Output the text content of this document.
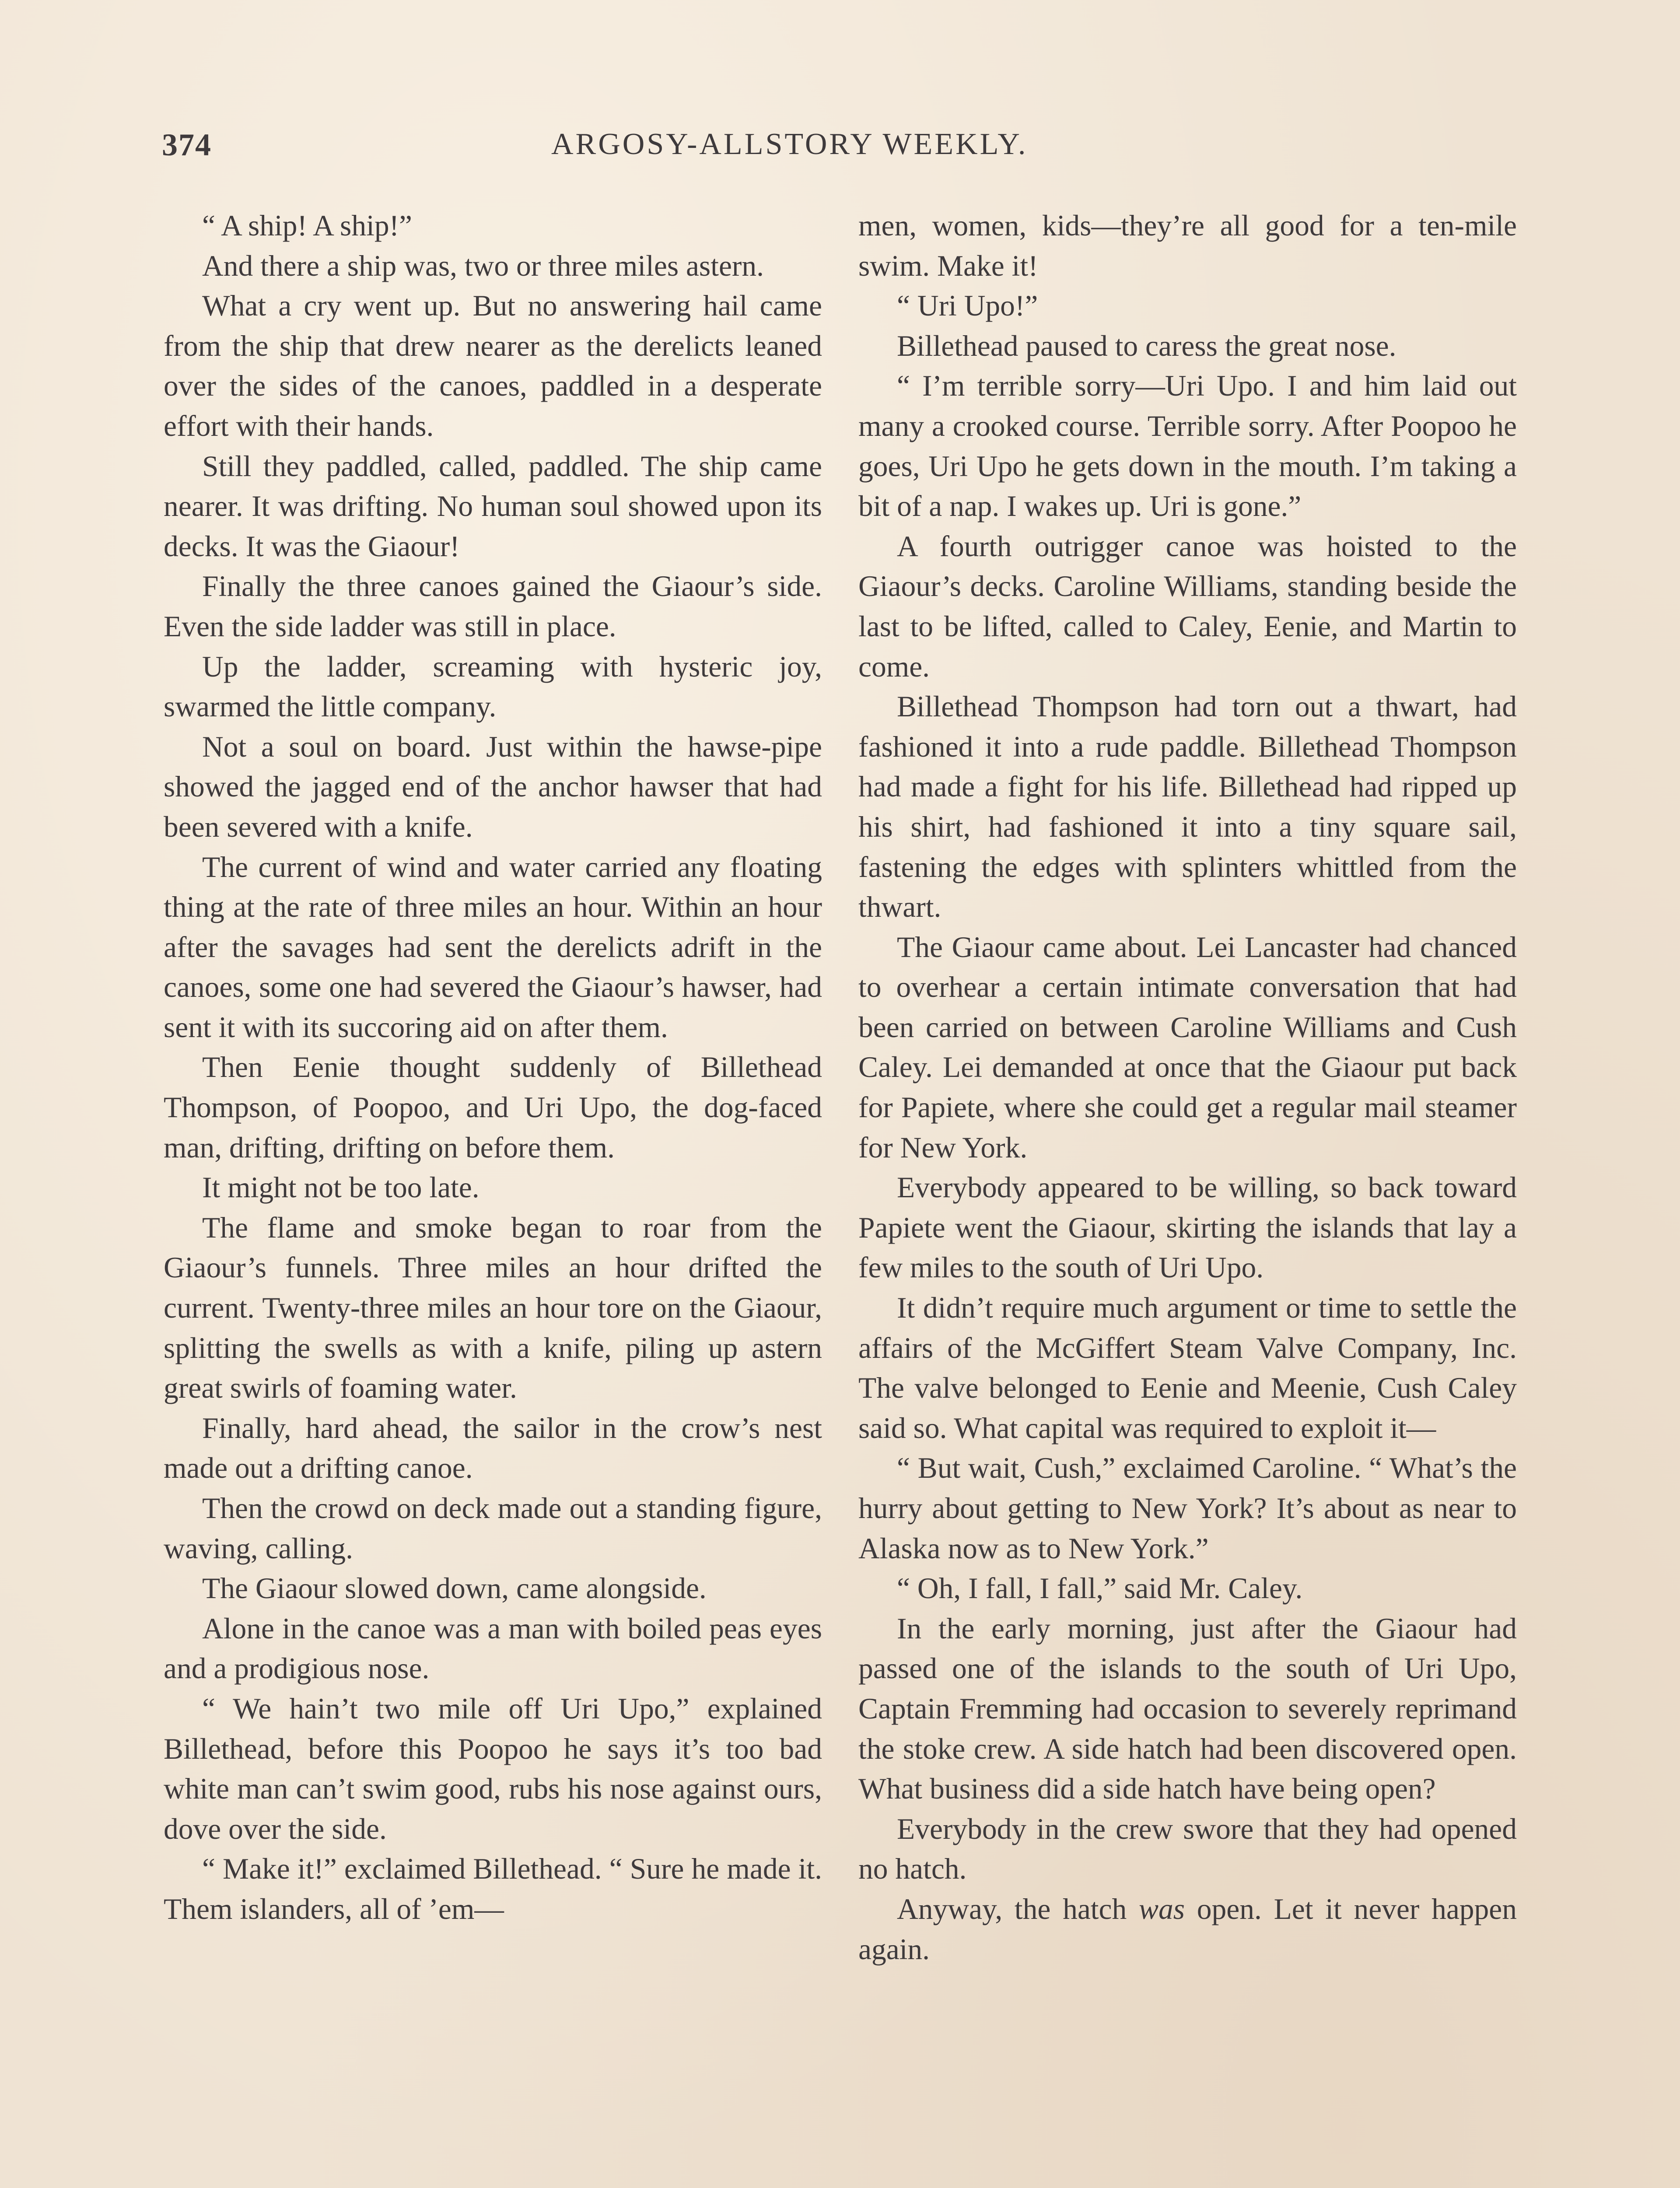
374	ARGOSY-ALLSTORY WEEKLY.

“ A ship! A ship!”

And there a ship was, two or three miles astern.

What a cry went up. But no answering hail came from the ship that drew nearer as the derelicts leaned over the sides of the canoes, paddled in a desperate effort with their hands.

Still they paddled, called, paddled. The ship came nearer. It was drifting. No human soul showed upon its decks. It was the Giaour!

Finally the three canoes gained the Giaour’s side. Even the side ladder was still in place.

Up the ladder, screaming with hysteric joy, swarmed the little company.

Not a soul on board. Just within the hawse-pipe showed the jagged end of the anchor hawser that had been severed with a knife.

The current of wind and water carried any floating thing at the rate of three miles an hour. Within an hour after the savages had sent the derelicts adrift in the canoes, some one had severed the Giaour’s hawser, had sent it with its succoring aid on after them.

Then Eenie thought suddenly of Billethead Thompson, of Poopoo, and Uri Upo, the dog-faced man, drifting, drifting on before them.

It might not be too late.

The flame and smoke began to roar from the Giaour’s funnels. Three miles an hour drifted the current. Twenty-three miles an hour tore on the Giaour, splitting the swells as with a knife, piling up astern great swirls of foaming water.

Finally, hard ahead, the sailor in the crow’s nest made out a drifting canoe.

Then the crowd on deck made out a standing figure, waving, calling.

The Giaour slowed down, came alongside.

Alone in the canoe was a man with boiled peas eyes and a prodigious nose.

“ We hain’t two mile off Uri Upo,” explained Billethead, before this Poopoo he says it’s too bad white man can’t swim good, rubs his nose against ours, dove over the side.

“ Make it!” exclaimed Billethead. “ Sure he made it. Them islanders, all of ’em—

men, women, kids—they’re all good for a ten-mile swim. Make it!

“ Uri Upo!”

Billethead paused to caress the great nose.

“ I’m terrible sorry—Uri Upo. I and him laid out many a crooked course. Terrible sorry. After Poopoo he goes, Uri Upo he gets down in the mouth. I’m taking a bit of a nap. I wakes up. Uri is gone.”

A fourth outrigger canoe was hoisted to the Giaour’s decks. Caroline Williams, standing beside the last to be lifted, called to Caley, Eenie, and Martin to come.

Billethead Thompson had torn out a thwart, had fashioned it into a rude paddle. Billethead Thompson had made a fight for his life. Billethead had ripped up his shirt, had fashioned it into a tiny square sail, fastening the edges with splinters whittled from the thwart.

The Giaour came about. Lei Lancaster had chanced to overhear a certain intimate conversation that had been carried on between Caroline Williams and Cush Caley. Lei demanded at once that the Giaour put back for Papiete, where she could get a regular mail steamer for New York.

Everybody appeared to be willing, so back toward Papiete went the Giaour, skirting the islands that lay a few miles to the south of Uri Upo.

It didn’t require much argument or time to settle the affairs of the McGiffert Steam Valve Company, Inc. The valve belonged to Eenie and Meenie, Cush Caley said so. What capital was required to exploit it—

“ But wait, Cush,” exclaimed Caroline. “ What’s the hurry about getting to New York? It’s about as near to Alaska now as to New York.”

“ Oh, I fall, I fall,” said Mr. Caley.

In the early morning, just after the Giaour had passed one of the islands to the south of Uri Upo, Captain Fremming had occasion to severely reprimand the stoke crew. A side hatch had been discovered open. What business did a side hatch have being open?

Everybody in the crew swore that they had opened no hatch.

Anyway, the hatch was open. Let it never happen again.
